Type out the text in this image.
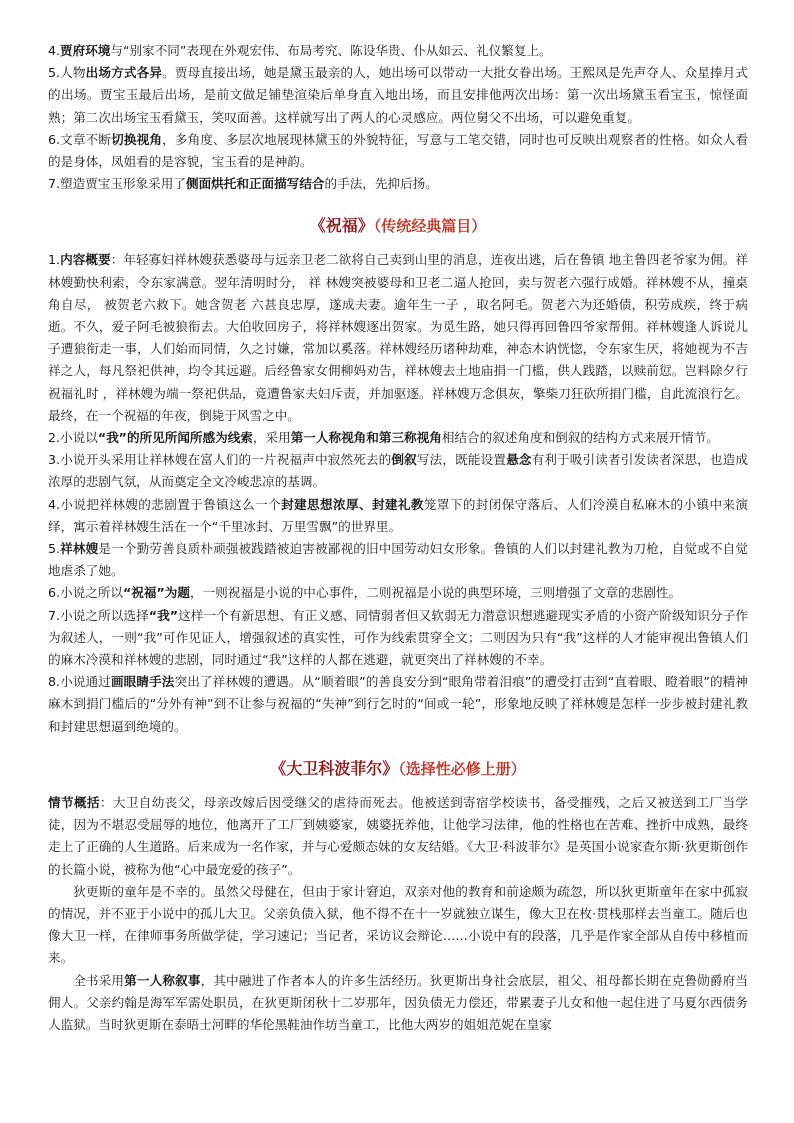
4.贾府环境与“别家不同”表现在外观宏伟、布局考究、陈设华贵、仆从如云、礼仪繁复上。

5.人物出场方式各异。贾母直接出场，她是黛玉最亲的人，她出场可以带动一大批女眷出场。王熙凤是先声夺人、众星捧月式的出场。贾宝玉最后出场，是前文做足铺垫渲染后单身直入地出场，而且安排他两次出场：第一次出场黛玉看宝玉，惊怪面熟；第二次出场宝玉看黛玉，笑叹面善。这样就写出了两人的心灵感应。两位舅父不出场，可以避免重复。

6.文章不断切换视角，多角度、多层次地展现林黛玉的外貌特征，写意与工笔交错，同时也可反映出观察者的性格。如众人看的是身体，凤姐看的是容貌，宝玉看的是神韵。

7.塑造贾宝玉形象采用了侧面烘托和正面描写结合的手法，先抑后扬。

《祝福》（传统经典篇目）

1.内容概要：年轻寡妇祥林嫂获悉婆母与远亲卫老二欲将自己卖到山里的消息，连夜出逃，后在鲁镇 地主鲁四老爷家为佣。祥林嫂勤快利索，令东家满意。翌年清明时分， 祥 林嫂突被婆母和卫老二逼人抢回，卖与贺老六强行成婚。祥林嫂不从，撞桌角自尽， 被贺老六救下。她含贺老 六甚良忠厚，遂成夫妻。逾年生一子 ，取名阿毛。贺老六为还婚债，积劳成疾，终于病逝。不久，爱子阿毛被狼衔去。大伯收回房子，将祥林嫂逐出贺家。为觅生路，她只得再回鲁四爷家帮佣。祥林嫂逢人诉说儿子遭狼衔走一事，人们始而同情，久之讨嫌，常加以奚落。祥林嫂经历诸种劫难，神态木讷恍惚，令东家生厌，将她视为不吉祥之人，每凡祭祀供神，均令其远避。后经鲁家女佣柳妈劝告，祥林嫂去土地庙捐一门槛，供人践踏，以赎前愆。岂料除夕行祝福礼时 ，祥林嫂为端一祭祀供品，竟遭鲁家夫妇斥责，并加驱逐。祥林嫂万念俱灰，擎柴刀狂砍所捐门槛，自此流浪行乞。最终，在一个祝福的年夜，倒毙于风雪之中。

2.小说以“我”的所见所闻所感为线索，采用第一人称视角和第三称视角相结合的叙述角度和倒叙的结构方式来展开情节。

3.小说开头采用让祥林嫂在富人们的一片祝福声中寂然死去的倒叙写法，既能设置悬念有利于吸引读者引发读者深思，也造成浓厚的悲剧气氛，从而奠定全文冷峻悲凉的基调。

4.小说把祥林嫂的悲剧置于鲁镇这么一个封建思想浓厚、封建礼教笼罩下的封闭保守落后、人们冷漠自私麻木的小镇中来演绎，寓示着祥林嫂生活在一个“千里冰封、万里雪飘”的世界里。

5.祥林嫂是一个勤劳善良质朴顽强被践踏被迫害被鄙视的旧中国劳动妇女形象。鲁镇的人们以封建礼教为刀枪，自觉或不自觉地虐杀了她。

6.小说之所以“祝福”为题，一则祝福是小说的中心事件，二则祝福是小说的典型环境，三则增强了文章的悲剧性。

7.小说之所以选择“我”这样一个有新思想、有正义感、同情弱者但又软弱无力潜意识想逃避现实矛盾的小资产阶级知识分子作为叙述人，一则“我”可作见证人，增强叙述的真实性，可作为线索贯穿全文；二则因为只有“我”这样的人才能审视出鲁镇人们的麻木冷漠和祥林嫂的悲剧，同时通过“我”这样的人都在逃避，就更突出了祥林嫂的不幸。

8.小说通过画眼睛手法突出了祥林嫂的遭遇。从“顺着眼”的善良安分到“眼角带着泪痕”的遭受打击到“直着眼、瞪着眼”的精神麻木到捐门槛后的“分外有神”到不让参与祝福的“失神”到行乞时的“间或一轮”，形象地反映了祥林嫂是怎样一步步被封建礼教和封建思想逼到绝境的。

《大卫科波菲尔》（选择性必修上册）

情节概括：大卫自幼丧父，母亲改嫁后因受继父的虐待而死去。他被送到寄宿学校读书，备受摧残，之后又被送到工厂当学徒，因为不堪忍受屈辱的地位，他离开了工厂到姨婆家，姨婆抚养他，让他学习法律，他的性格也在苦难、挫折中成熟，最终走上了正确的人生道路。后来成为一名作家，并与心爱颇态妹的女友结婚。《大卫·科波菲尔》是英国小说家查尔斯·狄更斯创作的长篇小说，被称为他“心中最宠爱的孩子”。

狄更斯的童年是不幸的。虽然父母健在，但由于家计窘迫，双亲对他的教育和前途颇为疏忽，所以狄更斯童年在家中孤寂的情况，并不亚于小说中的孤儿大卫。父亲负债入狱，他不得不在十一岁就独立谋生，像大卫在枚·贯栈那样去当童工。随后也像大卫一样，在律师事务所做学徒，学习速记；当记者，采访议会辩论……小说中有的段落，几乎是作家全部从自传中移植而来。

全书采用第一人称叙事，其中融进了作者本人的许多生活经历。狄更斯出身社会底层，祖父、祖母都长期在克鲁勋爵府当佣人。父亲约翰是海军军需处职员，在狄更斯闭秋十二岁那年，因负债无力偿还，带累妻子儿女和他一起住进了马夏尔西债务人监狱。当时狄更斯在泰晤士河畔的华伦黑鞋油作坊当童工，比他大两岁的姐姐范妮在皇家
